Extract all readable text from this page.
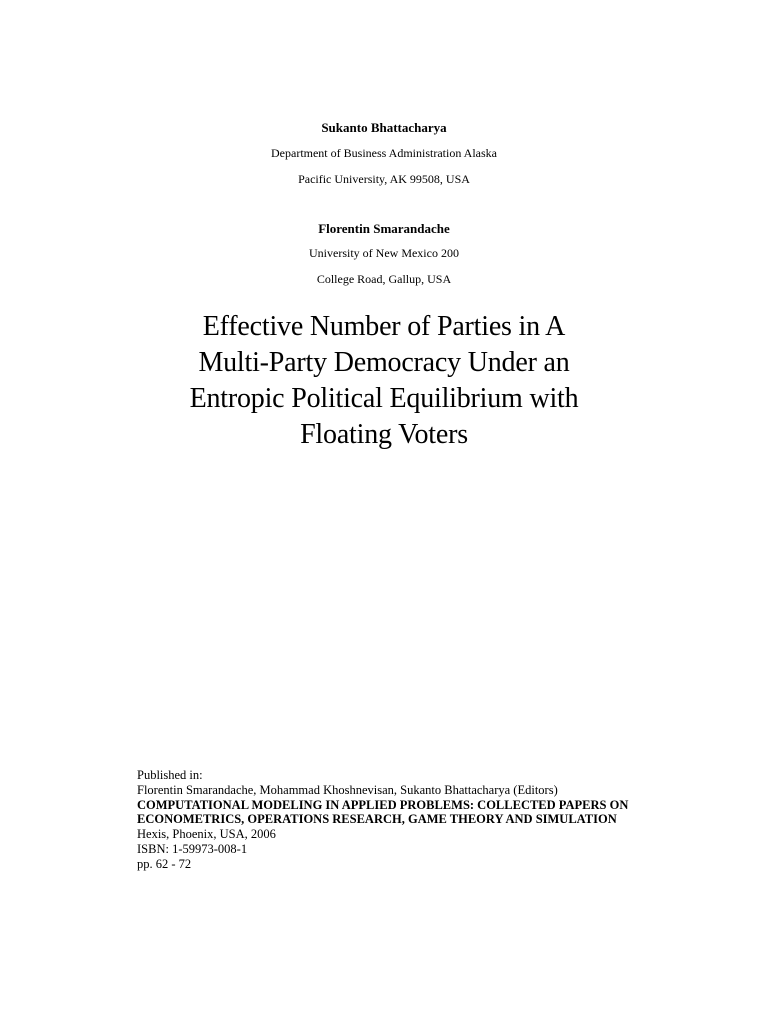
Sukanto Bhattacharya
Department of Business Administration Alaska
Pacific University, AK 99508, USA
Florentin Smarandache
University of New Mexico 200
College Road, Gallup, USA
Effective Number of Parties in A
Multi-Party Democracy Under an
Entropic Political Equilibrium with
Floating Voters
Published in:
Florentin Smarandache, Mohammad Khoshnevisan, Sukanto Bhattacharya (Editors)
COMPUTATIONAL MODELING IN APPLIED PROBLEMS: COLLECTED PAPERS ON
ECONOMETRICS, OPERATIONS RESEARCH, GAME THEORY AND SIMULATION
Hexis, Phoenix, USA, 2006
ISBN: 1-59973-008-1
pp. 62 - 72
